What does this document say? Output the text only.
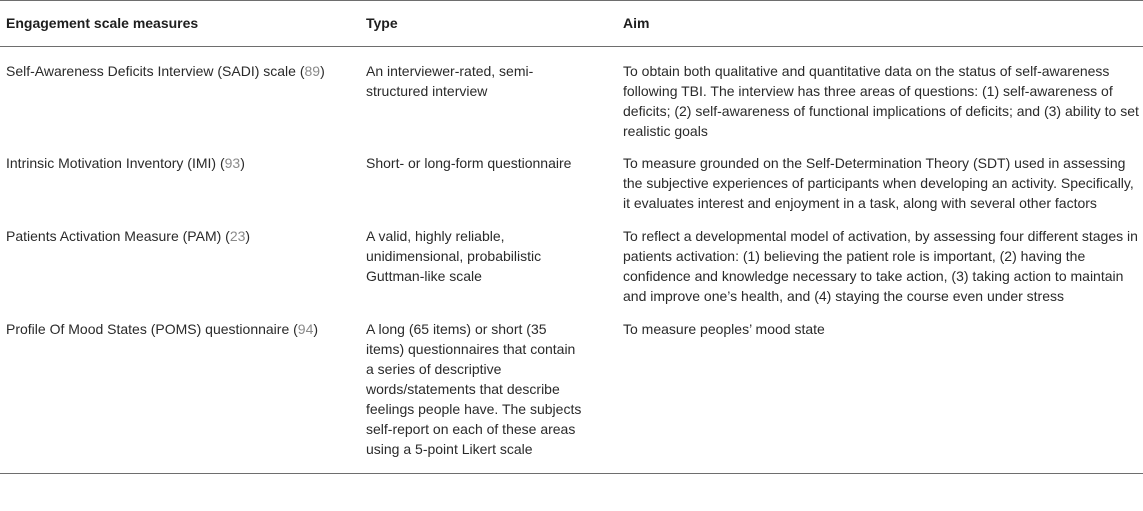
Engagement scale measures	Type	Aim
Self-Awareness Deficits Interview (SADI) scale (89)	An interviewer-rated, semi-structured interview	To obtain both qualitative and quantitative data on the status of self-awareness following TBI. The interview has three areas of questions: (1) self-awareness of deficits; (2) self-awareness of functional implications of deficits; and (3) ability to set realistic goals
Intrinsic Motivation Inventory (IMI) (93)	Short- or long-form questionnaire	To measure grounded on the Self-Determination Theory (SDT) used in assessing the subjective experiences of participants when developing an activity. Specifically, it evaluates interest and enjoyment in a task, along with several other factors
Patients Activation Measure (PAM) (23)	A valid, highly reliable, unidimensional, probabilistic Guttman-like scale	To reflect a developmental model of activation, by assessing four different stages in patients activation: (1) believing the patient role is important, (2) having the confidence and knowledge necessary to take action, (3) taking action to maintain and improve one’s health, and (4) staying the course even under stress
Profile Of Mood States (POMS) questionnaire (94)	A long (65 items) or short (35 items) questionnaires that contain a series of descriptive words/statements that describe feelings people have. The subjects self-report on each of these areas using a 5-point Likert scale	To measure peoples’ mood state
